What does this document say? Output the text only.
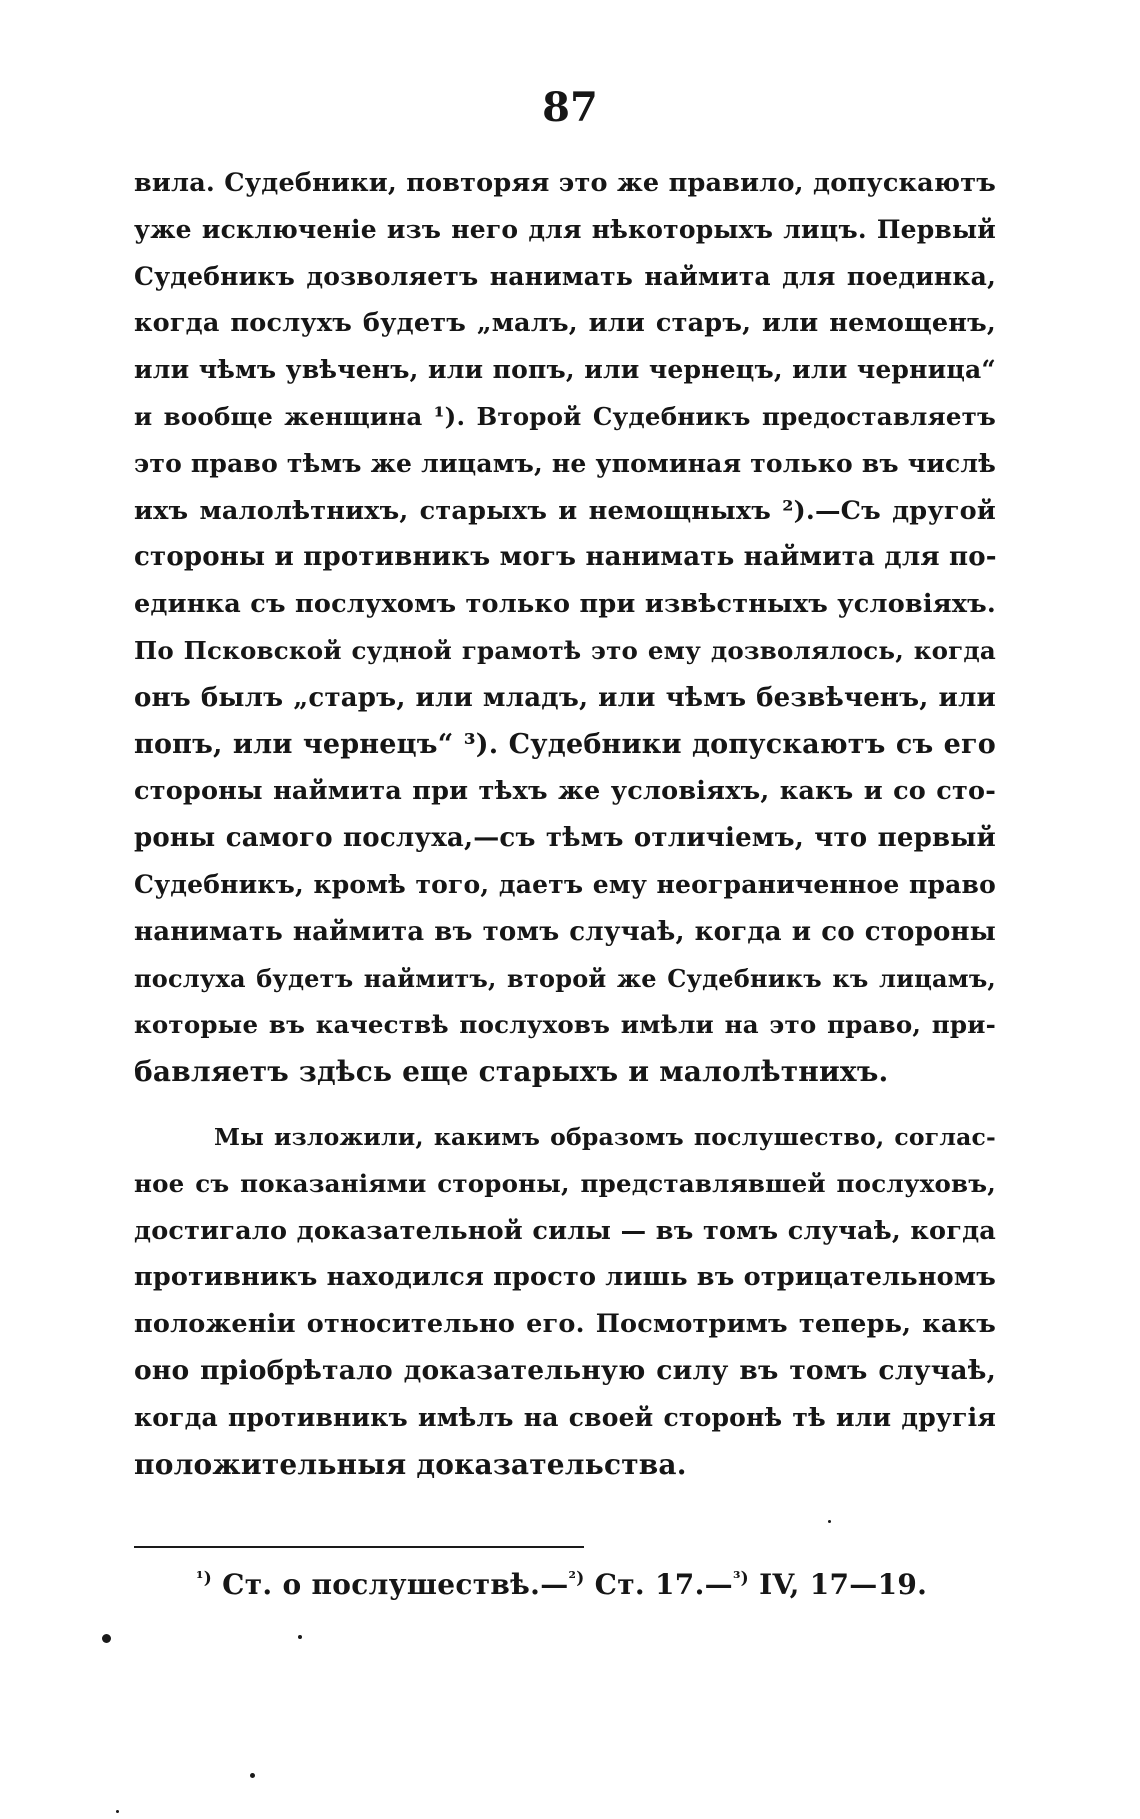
87
вила. Судебники, повторяя это же правило, допускаютъ
уже исключеніе изъ него для нѣкоторыхъ лицъ. Первый
Судебникъ дозволяетъ нанимать наймита для поединка,
когда послухъ будетъ „малъ, или старъ, или немощенъ,
или чѣмъ увѣченъ, или попъ, или чернецъ, или черница“
и вообще женщина ¹). Второй Судебникъ предоставляетъ
это право тѣмъ же лицамъ, не упоминая только въ числѣ
ихъ малолѣтнихъ, старыхъ и немощныхъ ²).—Съ другой
стороны и противникъ могъ нанимать наймита для по-
единка съ послухомъ только при извѣстныхъ условіяхъ.
По Псковской судной грамотѣ это ему дозволялось, когда
онъ былъ „старъ, или младъ, или чѣмъ безвѣченъ, или
попъ, или чернецъ“ ³). Судебники допускаютъ съ его
стороны наймита при тѣхъ же условіяхъ, какъ и со сто-
роны самого послуха,—съ тѣмъ отличіемъ, что первый
Судебникъ, кромѣ того, даетъ ему неограниченное право
нанимать наймита въ томъ случаѣ, когда и со стороны
послуха будетъ наймитъ, второй же Судебникъ къ лицамъ,
которые въ качествѣ послуховъ имѣли на это право, при-
бавляетъ здѣсь еще старыхъ и малолѣтнихъ.
Мы изложили, какимъ образомъ послушество, соглас-
ное съ показаніями стороны, представлявшей послуховъ,
достигало доказательной силы — въ томъ случаѣ, когда
противникъ находился просто лишь въ отрицательномъ
положеніи относительно его. Посмотримъ теперь, какъ
оно пріобрѣтало доказательную силу въ томъ случаѣ,
когда противникъ имѣлъ на своей сторонѣ тѣ или другія
положительныя доказательства.
$^{^1)}$ Ст. о послушествѣ.—$^{^2)}$ Ст. 17.—$^{^3)}$ IV, 17—19.
